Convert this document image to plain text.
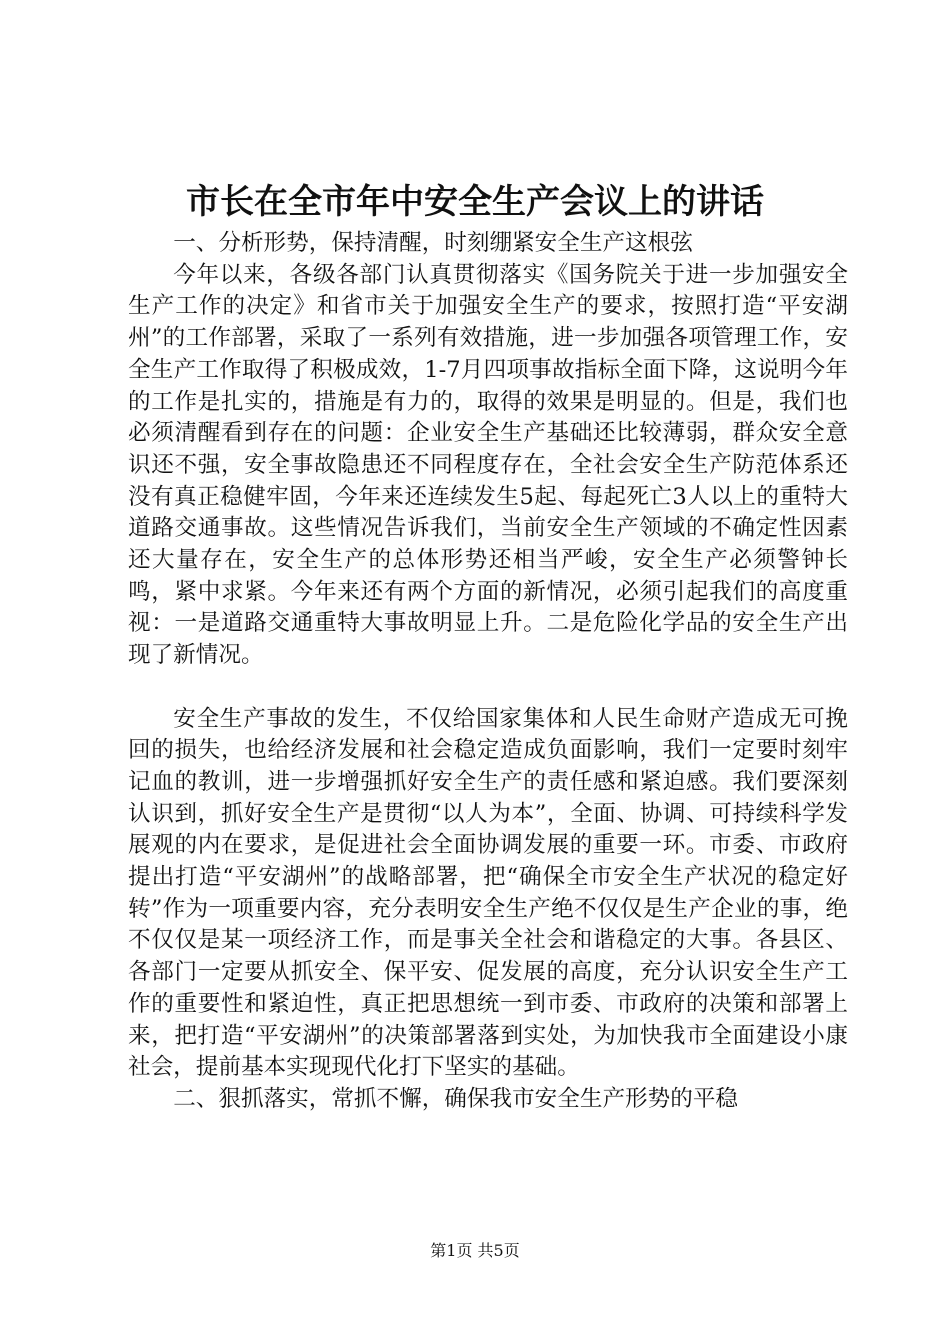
市长在全市年中安全生产会议上的讲话

一、分析形势，保持清醒，时刻绷紧安全生产这根弦

今年以来，各级各部门认真贯彻落实《国务院关于进一步加强安全生产工作的决定》和省市关于加强安全生产的要求，按照打造“平安湖州”的工作部署，采取了一系列有效措施，进一步加强各项管理工作，安全生产工作取得了积极成效，1-7月四项事故指标全面下降，这说明今年的工作是扎实的，措施是有力的，取得的效果是明显的。但是，我们也必须清醒看到存在的问题：企业安全生产基础还比较薄弱，群众安全意识还不强，安全事故隐患还不同程度存在，全社会安全生产防范体系还没有真正稳健牢固，今年来还连续发生5起、每起死亡3人以上的重特大道路交通事故。这些情况告诉我们，当前安全生产领域的不确定性因素还大量存在，安全生产的总体形势还相当严峻，安全生产必须警钟长鸣，紧中求紧。今年来还有两个方面的新情况，必须引起我们的高度重视：一是道路交通重特大事故明显上升。二是危险化学品的安全生产出现了新情况。

安全生产事故的发生，不仅给国家集体和人民生命财产造成无可挽回的损失，也给经济发展和社会稳定造成负面影响，我们一定要时刻牢记血的教训，进一步增强抓好安全生产的责任感和紧迫感。我们要深刻认识到，抓好安全生产是贯彻“以人为本”，全面、协调、可持续科学发展观的内在要求，是促进社会全面协调发展的重要一环。市委、市政府提出打造“平安湖州”的战略部署，把“确保全市安全生产状况的稳定好转”作为一项重要内容，充分表明安全生产绝不仅仅是生产企业的事，绝不仅仅是某一项经济工作，而是事关全社会和谐稳定的大事。各县区、各部门一定要从抓安全、保平安、促发展的高度，充分认识安全生产工作的重要性和紧迫性，真正把思想统一到市委、市政府的决策和部署上来，把打造“平安湖州”的决策部署落到实处，为加快我市全面建设小康社会，提前基本实现现代化打下坚实的基础。

二、狠抓落实，常抓不懈，确保我市安全生产形势的平稳

第1页 共5页
